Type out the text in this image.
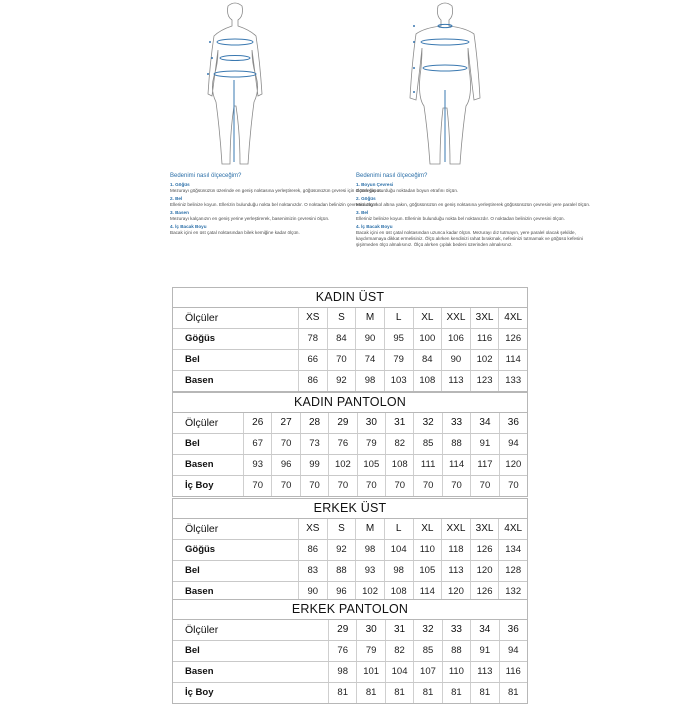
Bedenimi nasıl ölçeceğim?
1. Göğüs

Mezurayı göğsünüzün üzerinde en geniş noktasına yerleştirerek, göğüsünüzün çevresi için ölçüm yapın.

2. Bel

Elleriniz belinize koyun. Ellerizin bulunduğu nokta bel noktanızdır. O noktadan belinizin çevresini ölçün.

3. Basen

Mezurayı kalçanızın en geniş yerine yerleştirerek, basenimizin çevresini ölçün.

4. İç Bacak Boyu

Bacak içini en üst çatal noktasından bilek kemiğine kadar ölçün.

Bedenimi nasıl ölçeceğim?
1. Boyun Çevresi

Gömleğin oturduğu noktadan boyun etrafını ölçün.

2. Göğüs

Mezurayı kol altına yakın, göğüsünüzün en geniş noktasına yerleştirerek göğüsünüzün çevresini yere paralel ölçün.

3. Bel

Elleriniz belinize koyun. Ellerinin bulunduğu nokta bel noktanızdır. O noktadan belinizin çevresini ölçün.

4. İç Bacak Boyu

Bacak içini en üst çatal noktasından uzunca kadar ölçün. Mezurayı dız tutmayın, yere paralel olacak şekilde, kaydırmamaya dikkat ermelisiniz. Ölçü alırken kendinizi rahat bırakmak, nefesinizi tutmamak ve göğüsü kefesini şişirmeden ölçü almalısınız. Ölçü alırken çıplak bedeni üzerinden almalısınız.

KADIN ÜST
Ölçüler	XS	S	M	L	XL	XXL	3XL	4XL
Göğüs	78	84	90	95	100	106	116	126
Bel	66	70	74	79	84	90	102	114
Basen	86	92	98	103	108	113	123	133
KADIN PANTOLON
Ölçüler	26	27	28	29	30	31	32	33	34	36
Bel	67	70	73	76	79	82	85	88	91	94
Basen	93	96	99	102	105	108	111	114	117	120
İç Boy	70	70	70	70	70	70	70	70	70	70
ERKEK ÜST
Ölçüler	XS	S	M	L	XL	XXL	3XL	4XL
Göğüs	86	92	98	104	110	118	126	134
Bel	83	88	93	98	105	113	120	128
Basen	90	96	102	108	114	120	126	132
ERKEK PANTOLON
Ölçüler	29	30	31	32	33	34	36
Bel	76	79	82	85	88	91	94
Basen	98	101	104	107	110	113	116
İç Boy	81	81	81	81	81	81	81
